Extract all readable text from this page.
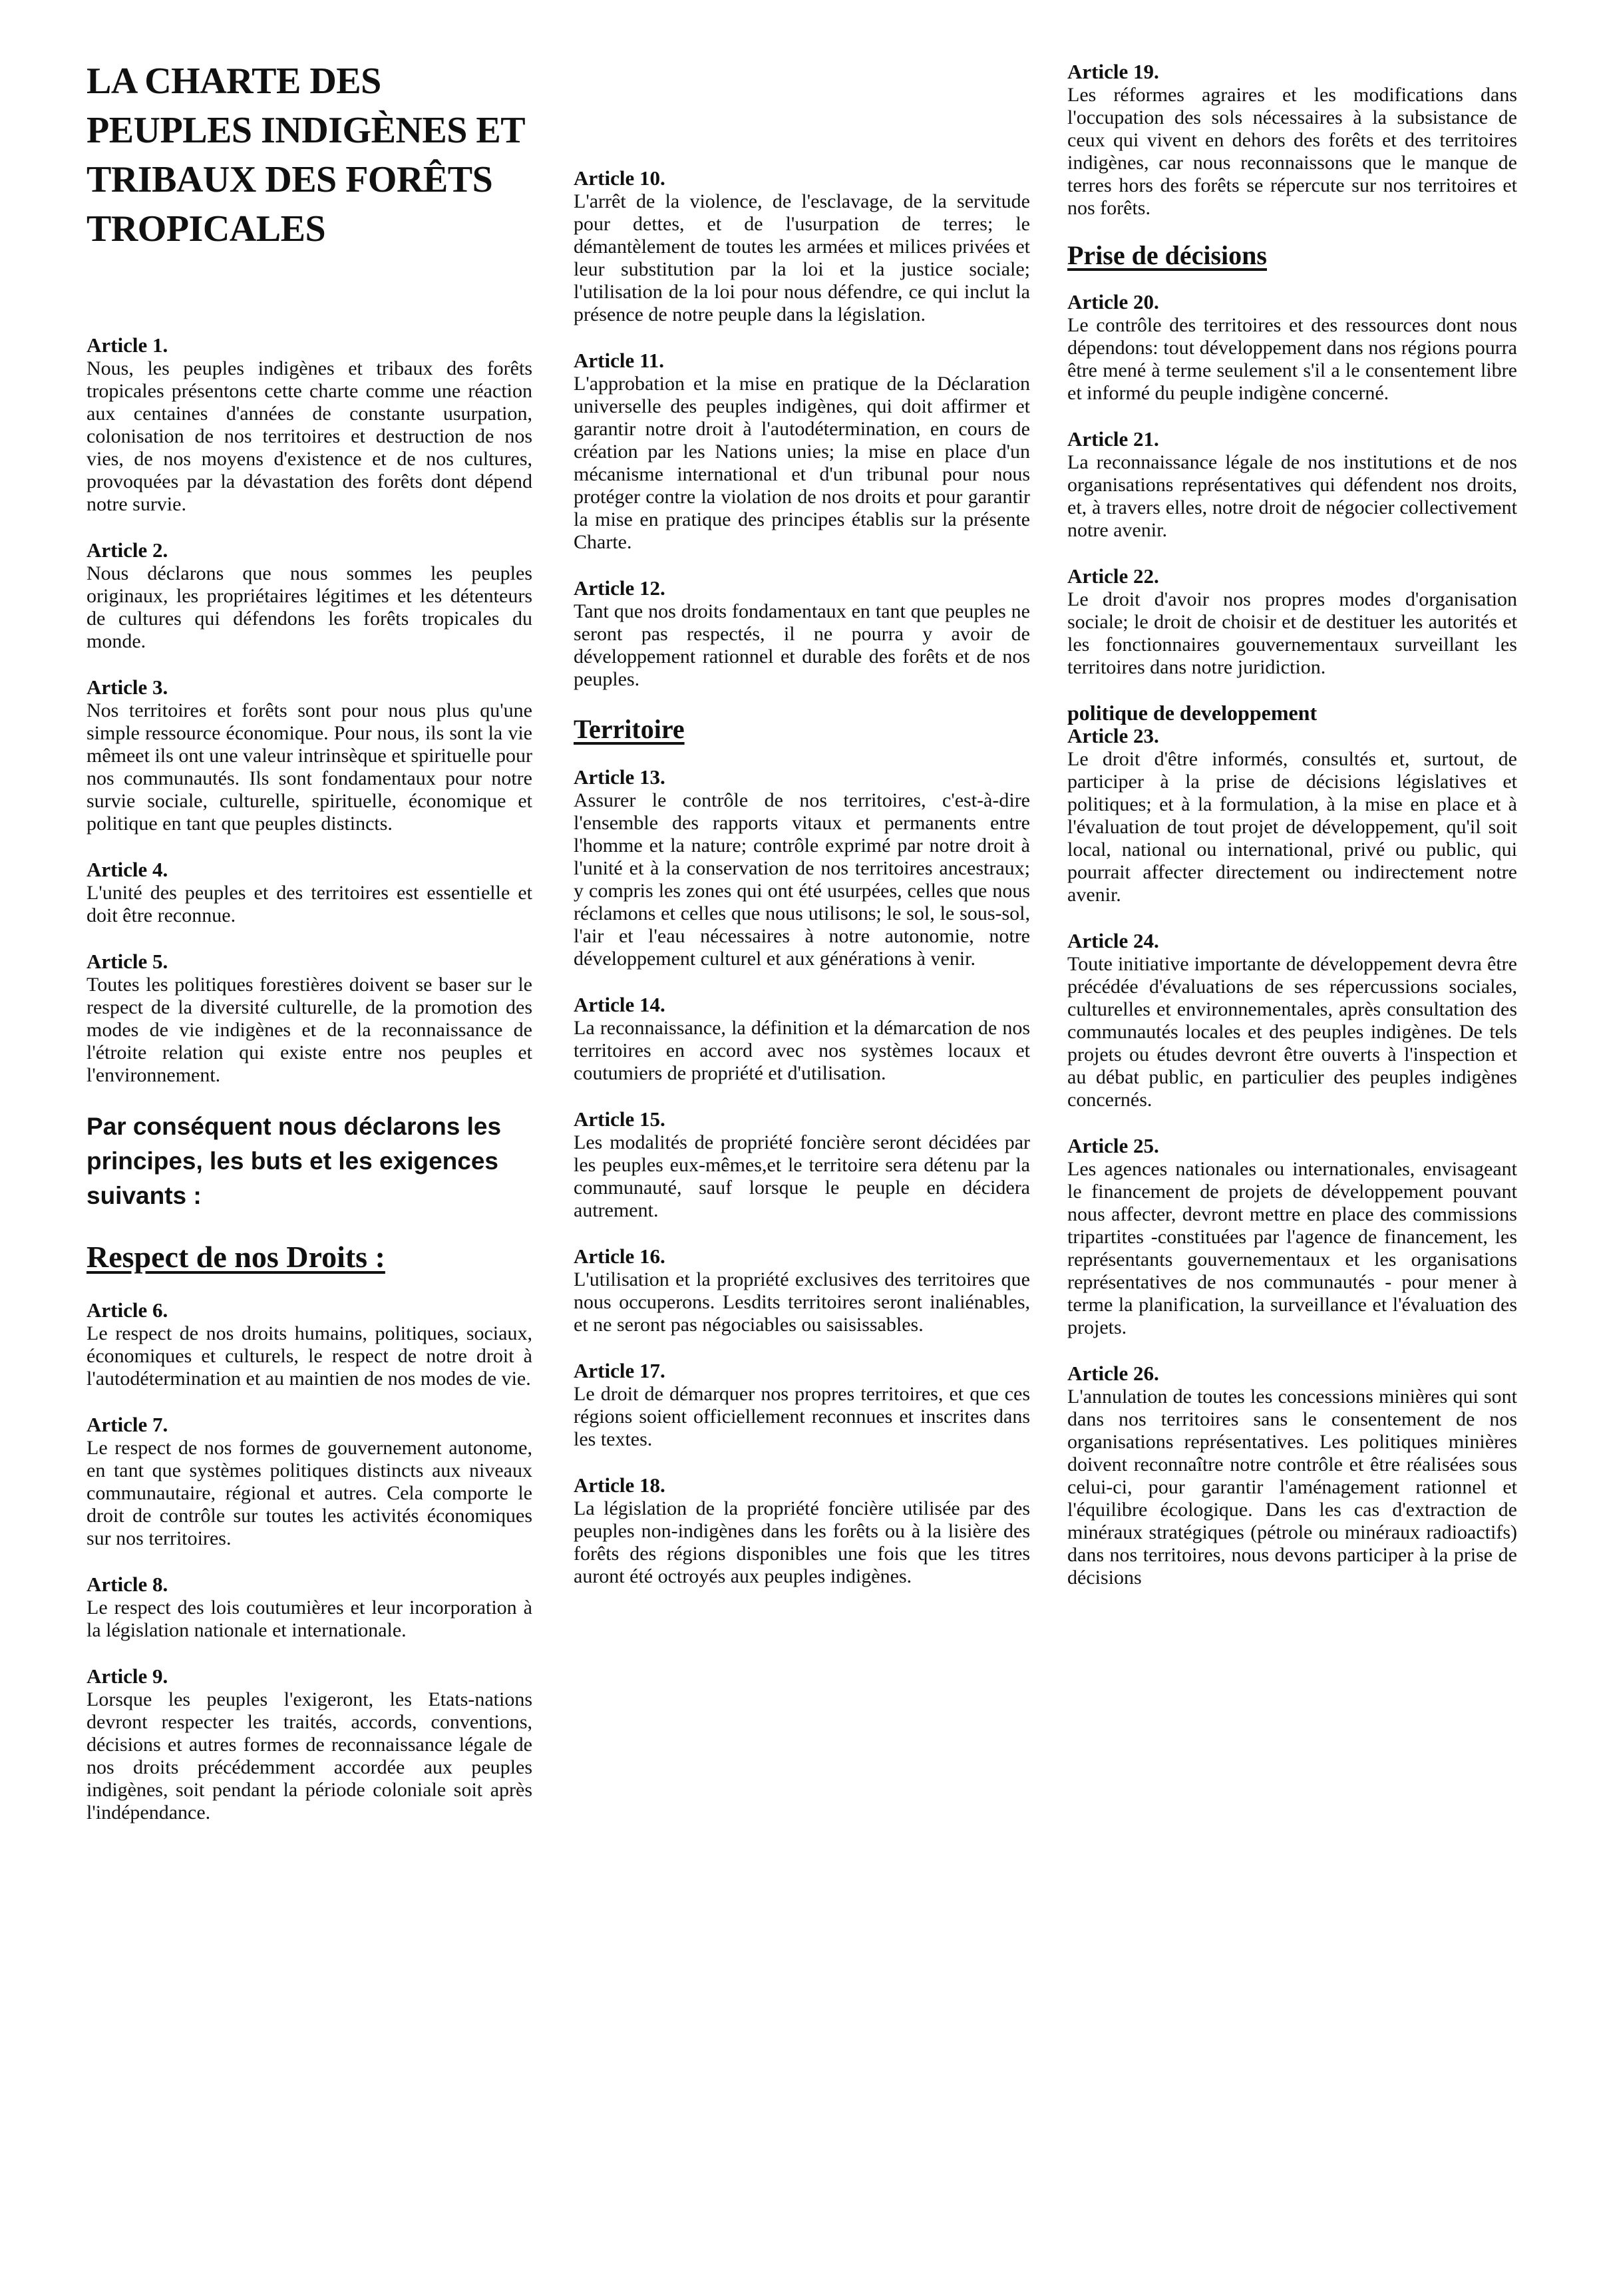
LA CHARTE DES PEUPLES INDIGÈNES ET TRIBAUX DES FORÊTS TROPICALES

Article 1.

Nous, les peuples indigènes et tribaux des forêts tropicales présentons cette charte comme une réaction aux centaines d'années de constante usurpation, colonisation de nos territoires et destruction de nos vies, de nos moyens d'existence et de nos cultures, provoquées par la dévastation des forêts dont dépend notre survie.

Article 2.

Nous déclarons que nous sommes les peuples originaux, les propriétaires légitimes et les détenteurs de cultures qui défendons les forêts tropicales du monde.

Article 3.

Nos territoires et forêts sont pour nous plus qu'une simple ressource économique. Pour nous, ils sont la vie mêmeet ils ont une valeur intrinsèque et spirituelle pour nos communautés. Ils sont fondamentaux pour notre survie sociale, culturelle, spirituelle, économique et politique en tant que peuples distincts.

Article 4.

L'unité des peuples et des territoires est essentielle et doit être reconnue.

Article 5.

Toutes les politiques forestières doivent se baser sur le respect de la diversité culturelle, de la promotion des modes de vie indigènes et de la reconnaissance de l'étroite relation qui existe entre nos peuples et l'environnement.

Par conséquent nous déclarons les principes, les buts et les exigences suivants :

Respect de nos Droits :

Article 6.

Le respect de nos droits humains, politiques, sociaux, économiques et culturels, le respect de notre droit à l'autodétermination et au maintien de nos modes de vie.

Article 7.

Le respect de nos formes de gouvernement autonome, en tant que systèmes politiques distincts aux niveaux communautaire, régional et autres. Cela comporte le droit de contrôle sur toutes les activités économiques sur nos territoires.

Article 8.

Le respect des lois coutumières et leur incorporation à la législation nationale et internationale.

Article 9.

Lorsque les peuples l'exigeront, les Etats-nations devront respecter les traités, accords, conventions, décisions et autres formes de reconnaissance légale de nos droits précédemment accordée aux peuples indigènes, soit pendant la période coloniale soit après l'indépendance.

Article 10.

L'arrêt de la violence, de l'esclavage, de la servitude pour dettes, et de l'usurpation de terres; le démantèlement de toutes les armées et milices privées et leur substitution par la loi et la justice sociale; l'utilisation de la loi pour nous défendre, ce qui inclut la présence de notre peuple dans la législation.

Article 11.

L'approbation et la mise en pratique de la Déclaration universelle des peuples indigènes, qui doit affirmer et garantir notre droit à l'autodétermination, en cours de création par les Nations unies; la mise en place d'un mécanisme international et d'un tribunal pour nous protéger contre la violation de nos droits et pour garantir la mise en pratique des principes établis sur la présente Charte.

Article 12.

Tant que nos droits fondamentaux en tant que peuples ne seront pas respectés, il ne pourra y avoir de développement rationnel et durable des forêts et de nos peuples.

Territoire

Article 13.

Assurer le contrôle de nos territoires, c'est-à-dire l'ensemble des rapports vitaux et permanents entre l'homme et la nature; contrôle exprimé par notre droit à l'unité et à la conservation de nos territoires ancestraux; y compris les zones qui ont été usurpées, celles que nous réclamons et celles que nous utilisons; le sol, le sous-sol, l'air et l'eau nécessaires à notre autonomie, notre développement culturel et aux générations à venir.

Article 14.

La reconnaissance, la définition et la démarcation de nos territoires en accord avec nos systèmes locaux et coutumiers de propriété et d'utilisation.

Article 15.

Les modalités de propriété foncière seront décidées par les peuples eux-mêmes,et le territoire sera détenu par la communauté, sauf lorsque le peuple en décidera autrement.

Article 16.

L'utilisation et la propriété exclusives des territoires que nous occuperons. Lesdits territoires seront inaliénables, et ne seront pas négociables ou saisissables.

Article 17.

Le droit de démarquer nos propres territoires, et que ces régions soient officiellement reconnues et inscrites dans les textes.

Article 18.

La législation de la propriété foncière utilisée par des peuples non-indigènes dans les forêts ou à la lisière des forêts des régions disponibles une fois que les titres auront été octroyés aux peuples indigènes.

Article 19.

Les réformes agraires et les modifications dans l'occupation des sols nécessaires à la subsistance de ceux qui vivent en dehors des forêts et des territoires indigènes, car nous reconnaissons que le manque de terres hors des forêts se répercute sur nos territoires et nos forêts.

Prise de décisions

Article 20.

Le contrôle des territoires et des ressources dont nous dépendons: tout développement dans nos régions pourra être mené à terme seulement s'il a le consentement libre et informé du peuple indigène concerné.

Article 21.

La reconnaissance légale de nos institutions et de nos organisations représentatives qui défendent nos droits, et, à travers elles, notre droit de négocier collectivement notre avenir.

Article 22.

Le droit d'avoir nos propres modes d'organisation sociale; le droit de choisir et de destituer les autorités et les fonctionnaires gouvernementaux surveillant les territoires dans notre juridiction.

politique de developpement

Article 23.

Le droit d'être informés, consultés et, surtout, de participer à la prise de décisions législatives et politiques; et à la formulation, à la mise en place et à l'évaluation de tout projet de développement, qu'il soit local, national ou international, privé ou public, qui pourrait affecter directement ou indirectement notre avenir.

Article 24.

Toute initiative importante de développement devra être précédée d'évaluations de ses répercussions sociales, culturelles et environnementales, après consultation des communautés locales et des peuples indigènes. De tels projets ou études devront être ouverts à l'inspection et au débat public, en particulier des peuples indigènes concernés.

Article 25.

Les agences nationales ou internationales, envisageant le financement de projets de développement pouvant nous affecter, devront mettre en place des commissions tripartites -constituées par l'agence de financement, les représentants gouvernementaux et les organisations représentatives de nos communautés - pour mener à terme la planification, la surveillance et l'évaluation des projets.

Article 26.

L'annulation de toutes les concessions minières qui sont dans nos territoires sans le consentement de nos organisations représentatives. Les politiques minières doivent reconnaître notre contrôle et être réalisées sous celui-ci, pour garantir l'aménagement rationnel et l'équilibre écologique. Dans les cas d'extraction de minéraux stratégiques (pétrole ou minéraux radioactifs) dans nos territoires, nous devons participer à la prise de décisions
